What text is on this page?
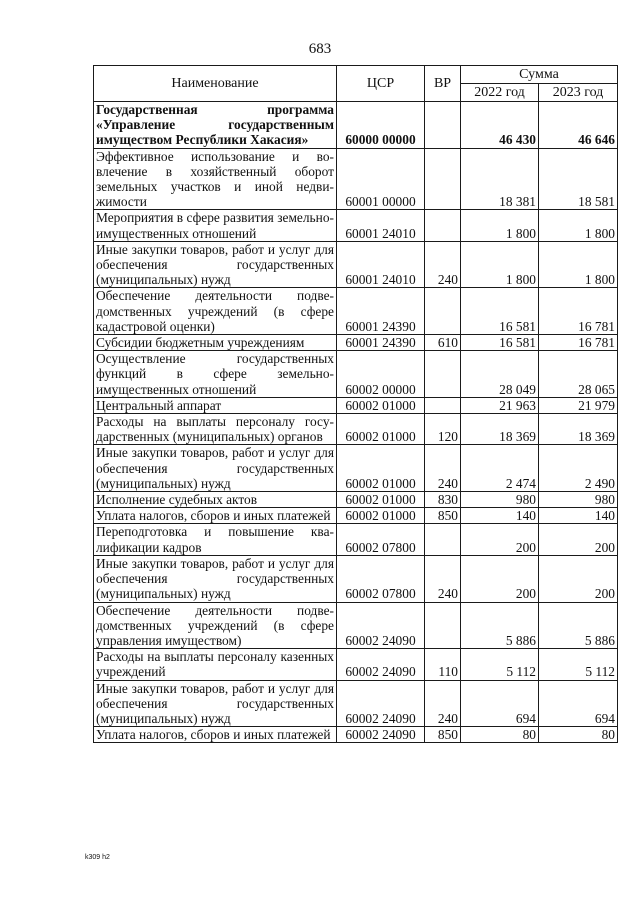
683
Наименование	ЦСР	ВР	Сумма	
			2022 год	2023 год
Государственная программа «Управление государственным имуществом Республики Хакасия»	60000 00000		46 430	46 646
Эффективное использование и вовлечение в хозяйственный оборот земельных участков и иной недвижимости	60001 00000		18 381	18 581
Мероприятия в сфере развития земельно-имущественных отношений	60001 24010		1 800	1 800
Иные закупки товаров, работ и услуг для обеспечения государственных (муниципальных) нужд	60001 24010	240	1 800	1 800
Обеспечение деятельности подведомственных учреждений (в сфере кадастровой оценки)	60001 24390		16 581	16 781
Субсидии бюджетным учреждениям	60001 24390	610	16 581	16 781
Осуществление государственных функций в сфере земельно-имущественных отношений	60002 00000		28 049	28 065
Центральный аппарат	60002 01000		21 963	21 979
Расходы на выплаты персоналу государственных (муниципальных) органов	60002 01000	120	18 369	18 369
Иные закупки товаров, работ и услуг для обеспечения государственных (муниципальных) нужд	60002 01000	240	2 474	2 490
Исполнение судебных актов	60002 01000	830	980	980
Уплата налогов, сборов и иных платежей	60002 01000	850	140	140
Переподготовка и повышение квалификации кадров	60002 07800		200	200
Иные закупки товаров, работ и услуг для обеспечения государственных (муниципальных) нужд	60002 07800	240	200	200
Обеспечение деятельности подведомственных учреждений (в сфере управления имуществом)	60002 24090		5 886	5 886
Расходы на выплаты персоналу казенных учреждений	60002 24090	110	5 112	5 112
Иные закупки товаров, работ и услуг для обеспечения государственных (муниципальных) нужд	60002 24090	240	694	694
Уплата налогов, сборов и иных платежей	60002 24090	850	80	80
k309 h2
